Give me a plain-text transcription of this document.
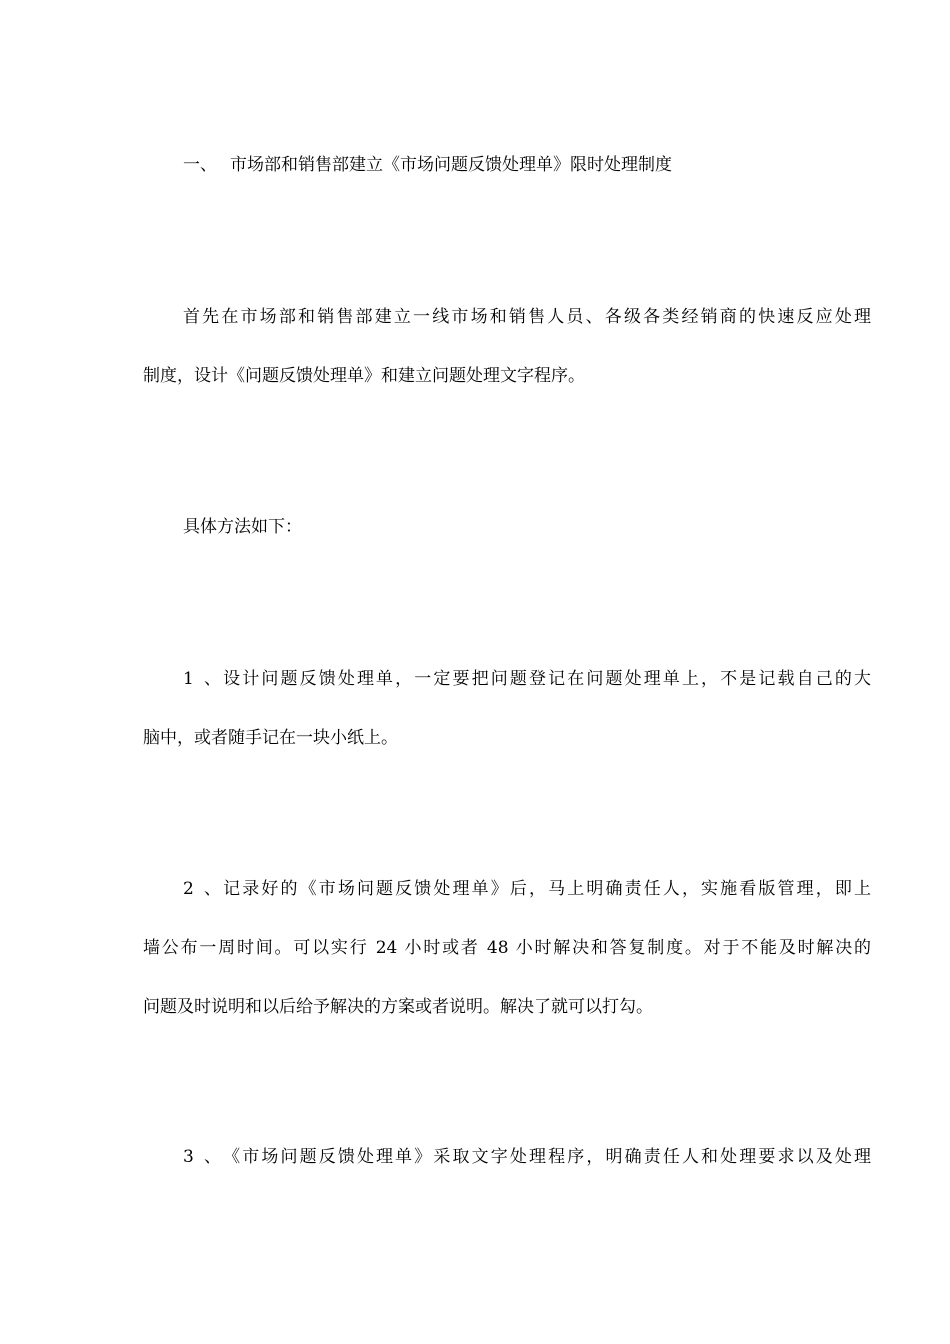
一、 市场部和销售部建立《市场问题反馈处理单》限时处理制度
首先在市场部和销售部建立一线市场和销售人员、各级各类经销商的快速反应处理
制度，设计《问题反馈处理单》和建立问题处理文字程序。
具体方法如下：
1、设计问题反馈处理单，一定要把问题登记在问题处理单上，不是记载自己的大
脑中，或者随手记在一块小纸上。
2、记录好的《市场问题反馈处理单》后，马上明确责任人，实施看版管理，即上
墙公布一周时间。可以实行 24 小时或者 48 小时解决和答复制度。对于不能及时解决的
问题及时说明和以后给予解决的方案或者说明。解决了就可以打勾。
3、《市场问题反馈处理单》采取文字处理程序，明确责任人和处理要求以及处理
